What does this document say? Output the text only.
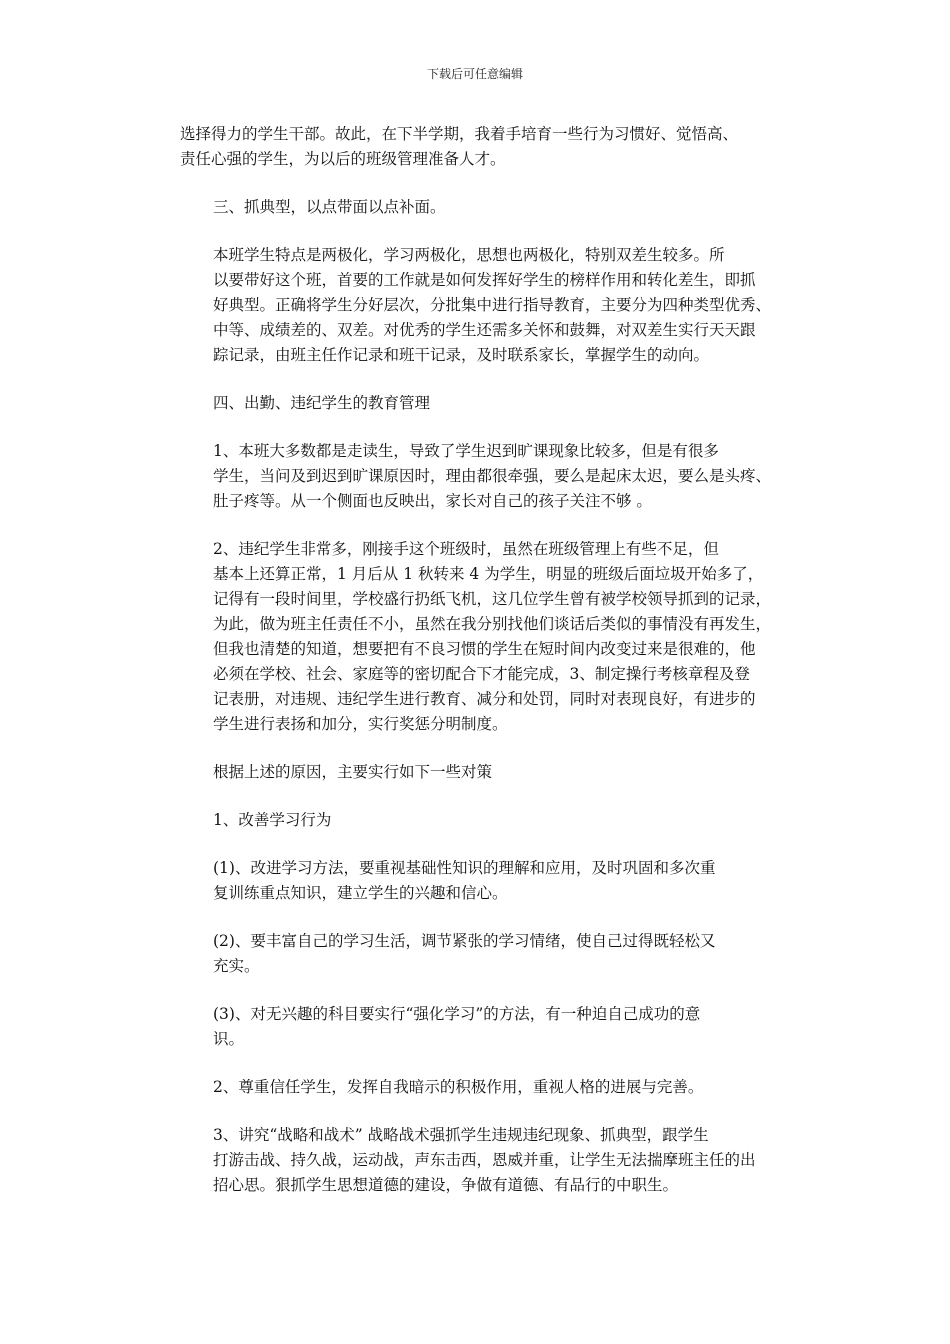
下载后可任意编辑

选择得力的学生干部。故此，在下半学期，我着手培育一些行为习惯好、觉悟高、
责任心强的学生，为以后的班级管理准备人才。

三、抓典型，以点带面以点补面。

本班学生特点是两极化，学习两极化，思想也两极化，特别双差生较多。所
以要带好这个班，首要的工作就是如何发挥好学生的榜样作用和转化差生，即抓
好典型。正确将学生分好层次，分批集中进行指导教育，主要分为四种类型优秀、
中等、成绩差的、双差。对优秀的学生还需多关怀和鼓舞，对双差生实行天天跟
踪记录，由班主任作记录和班干记录，及时联系家长，掌握学生的动向。

四、出勤、违纪学生的教育管理

1、本班大多数都是走读生，导致了学生迟到旷课现象比较多，但是有很多
学生，当问及到迟到旷课原因时，理由都很牵强，要么是起床太迟，要么是头疼、
肚子疼等。从一个侧面也反映出，家长对自己的孩子关注不够 。

2、违纪学生非常多，刚接手这个班级时，虽然在班级管理上有些不足，但
基本上还算正常，1 月后从 1 秋转来 4 为学生，明显的班级后面垃圾开始多了，
记得有一段时间里，学校盛行扔纸飞机，这几位学生曾有被学校领导抓到的记录，
为此，做为班主任责任不小，虽然在我分别找他们谈话后类似的事情没有再发生，
但我也清楚的知道，想要把有不良习惯的学生在短时间内改变过来是很难的，他
必须在学校、社会、家庭等的密切配合下才能完成，3、制定操行考核章程及登
记表册，对违规、违纪学生进行教育、减分和处罚，同时对表现良好，有进步的
学生进行表扬和加分，实行奖惩分明制度。

根据上述的原因，主要实行如下一些对策

1、改善学习行为

(1)、改进学习方法，要重视基础性知识的理解和应用，及时巩固和多次重
复训练重点知识，建立学生的兴趣和信心。

(2)、要丰富自己的学习生活，调节紧张的学习情绪，使自己过得既轻松又
充实。

(3)、对无兴趣的科目要实行“强化学习”的方法，有一种迫自己成功的意
识。

2、尊重信任学生，发挥自我暗示的积极作用，重视人格的进展与完善。

3、讲究“战略和战术” 战略战术强抓学生违规违纪现象、抓典型，跟学生
打游击战、持久战，运动战，声东击西，恩威并重，让学生无法揣摩班主任的出
招心思。狠抓学生思想道德的建设，争做有道德、有品行的中职生。
